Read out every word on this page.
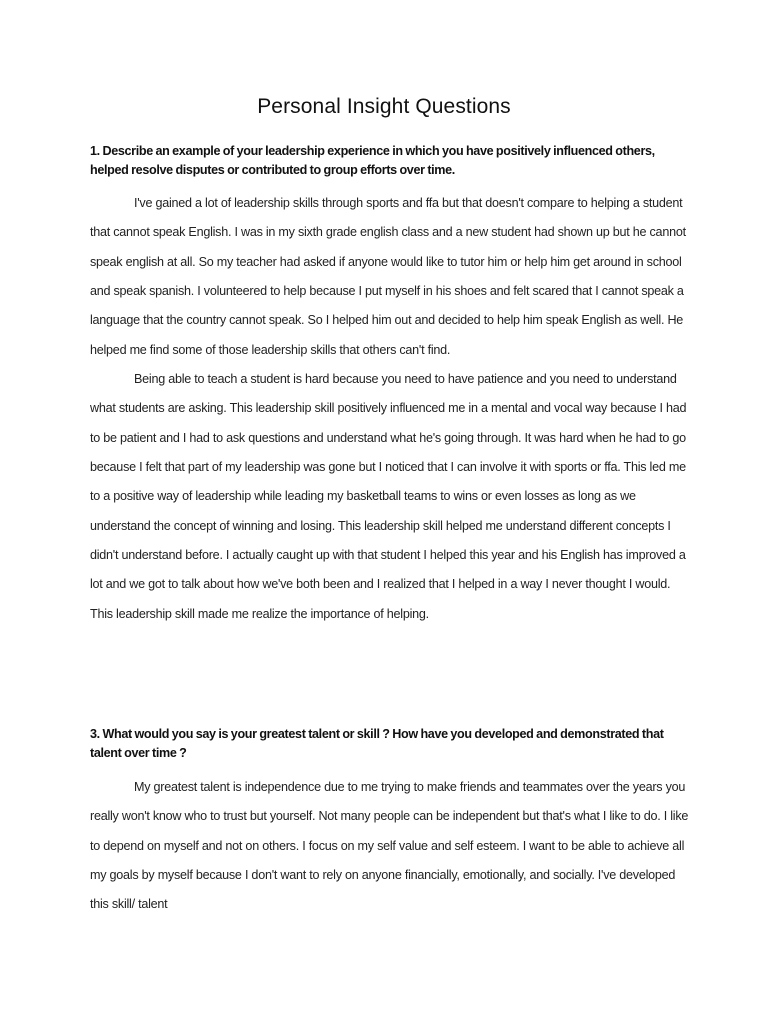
Personal Insight Questions
1. Describe an example of your leadership experience in which you have positively influenced others, helped resolve disputes or contributed to group efforts over time.

I've gained a lot of leadership skills through sports and ffa but that doesn't compare to helping a student that cannot speak English. I was in my sixth grade english class and a new student had shown up but he cannot speak english at all. So my teacher had asked if anyone would like to tutor him or help him get around in school and speak spanish. I volunteered to help because I put myself in his shoes and felt scared that I cannot speak a language that the country cannot speak. So I helped him out and decided to help him speak English as well. He helped me find some of those leadership skills that others can't find.

Being able to teach a student is hard because you need to have patience and you need to understand what students are asking. This leadership skill positively influenced me in a mental and vocal way because I had to be patient and I had to ask questions and understand what he's going through. It was hard when he had to go because I felt that part of my leadership was gone but I noticed that I can involve it with sports or ffa. This led me to a positive way of leadership while leading my basketball teams to wins or even losses as long as we understand the concept of winning and losing. This leadership skill helped me understand different concepts I didn't understand before. I actually caught up with that student I helped this year and his English has improved a lot and we got to talk about how we've both been and I realized that I helped in a way I never thought I would. This leadership skill made me realize the importance of helping.

3. What would you say is your greatest talent or skill ? How have you developed and demonstrated that talent over time ?

My greatest talent is independence due to me trying to make friends and teammates over the years you really won't know who to trust but yourself. Not many people can be independent but that's what I like to do. I like to depend on myself and not on others. I focus on my self value and self esteem. I want to be able to achieve all my goals by myself because I don't want to rely on anyone financially, emotionally, and socially. I've developed this skill/ talent
